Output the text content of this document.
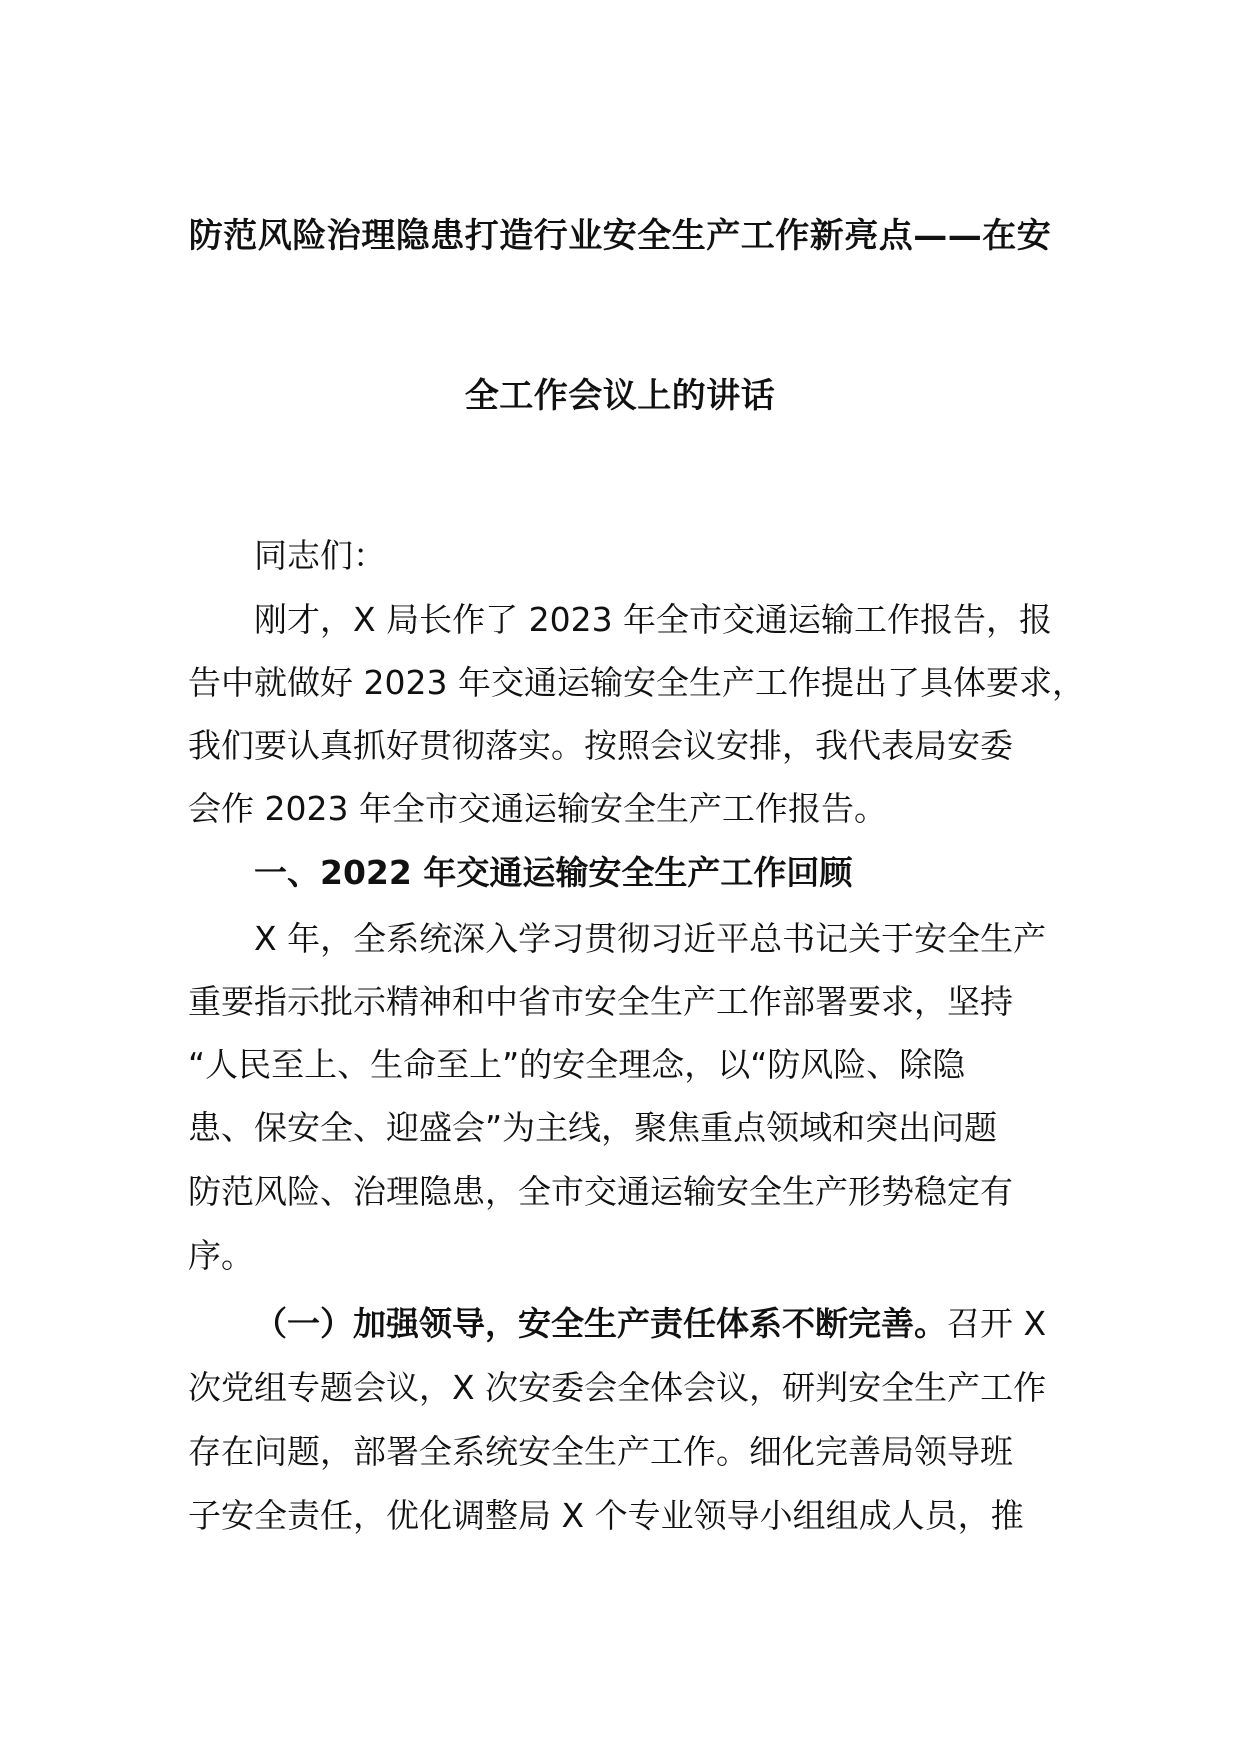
防范风险治理隐患打造行业安全生产工作新亮点——在安
全工作会议上的讲话
同志们：
刚才，X 局长作了 2023 年全市交通运输工作报告，报
告中就做好 2023 年交通运输安全生产工作提出了具体要求，
我们要认真抓好贯彻落实。按照会议安排，我代表局安委
会作 2023 年全市交通运输安全生产工作报告。
一、2022 年交通运输安全生产工作回顾
X 年，全系统深入学习贯彻习近平总书记关于安全生产
重要指示批示精神和中省市安全生产工作部署要求，坚持
“人民至上、生命至上”的安全理念，以“防风险、除隐
患、保安全、迎盛会”为主线，聚焦重点领域和突出问题
防范风险、治理隐患，全市交通运输安全生产形势稳定有
序。
（一）加强领导，安全生产责任体系不断完善。召开 X
次党组专题会议，X 次安委会全体会议，研判安全生产工作
存在问题，部署全系统安全生产工作。细化完善局领导班
子安全责任，优化调整局 X 个专业领导小组组成人员，推
